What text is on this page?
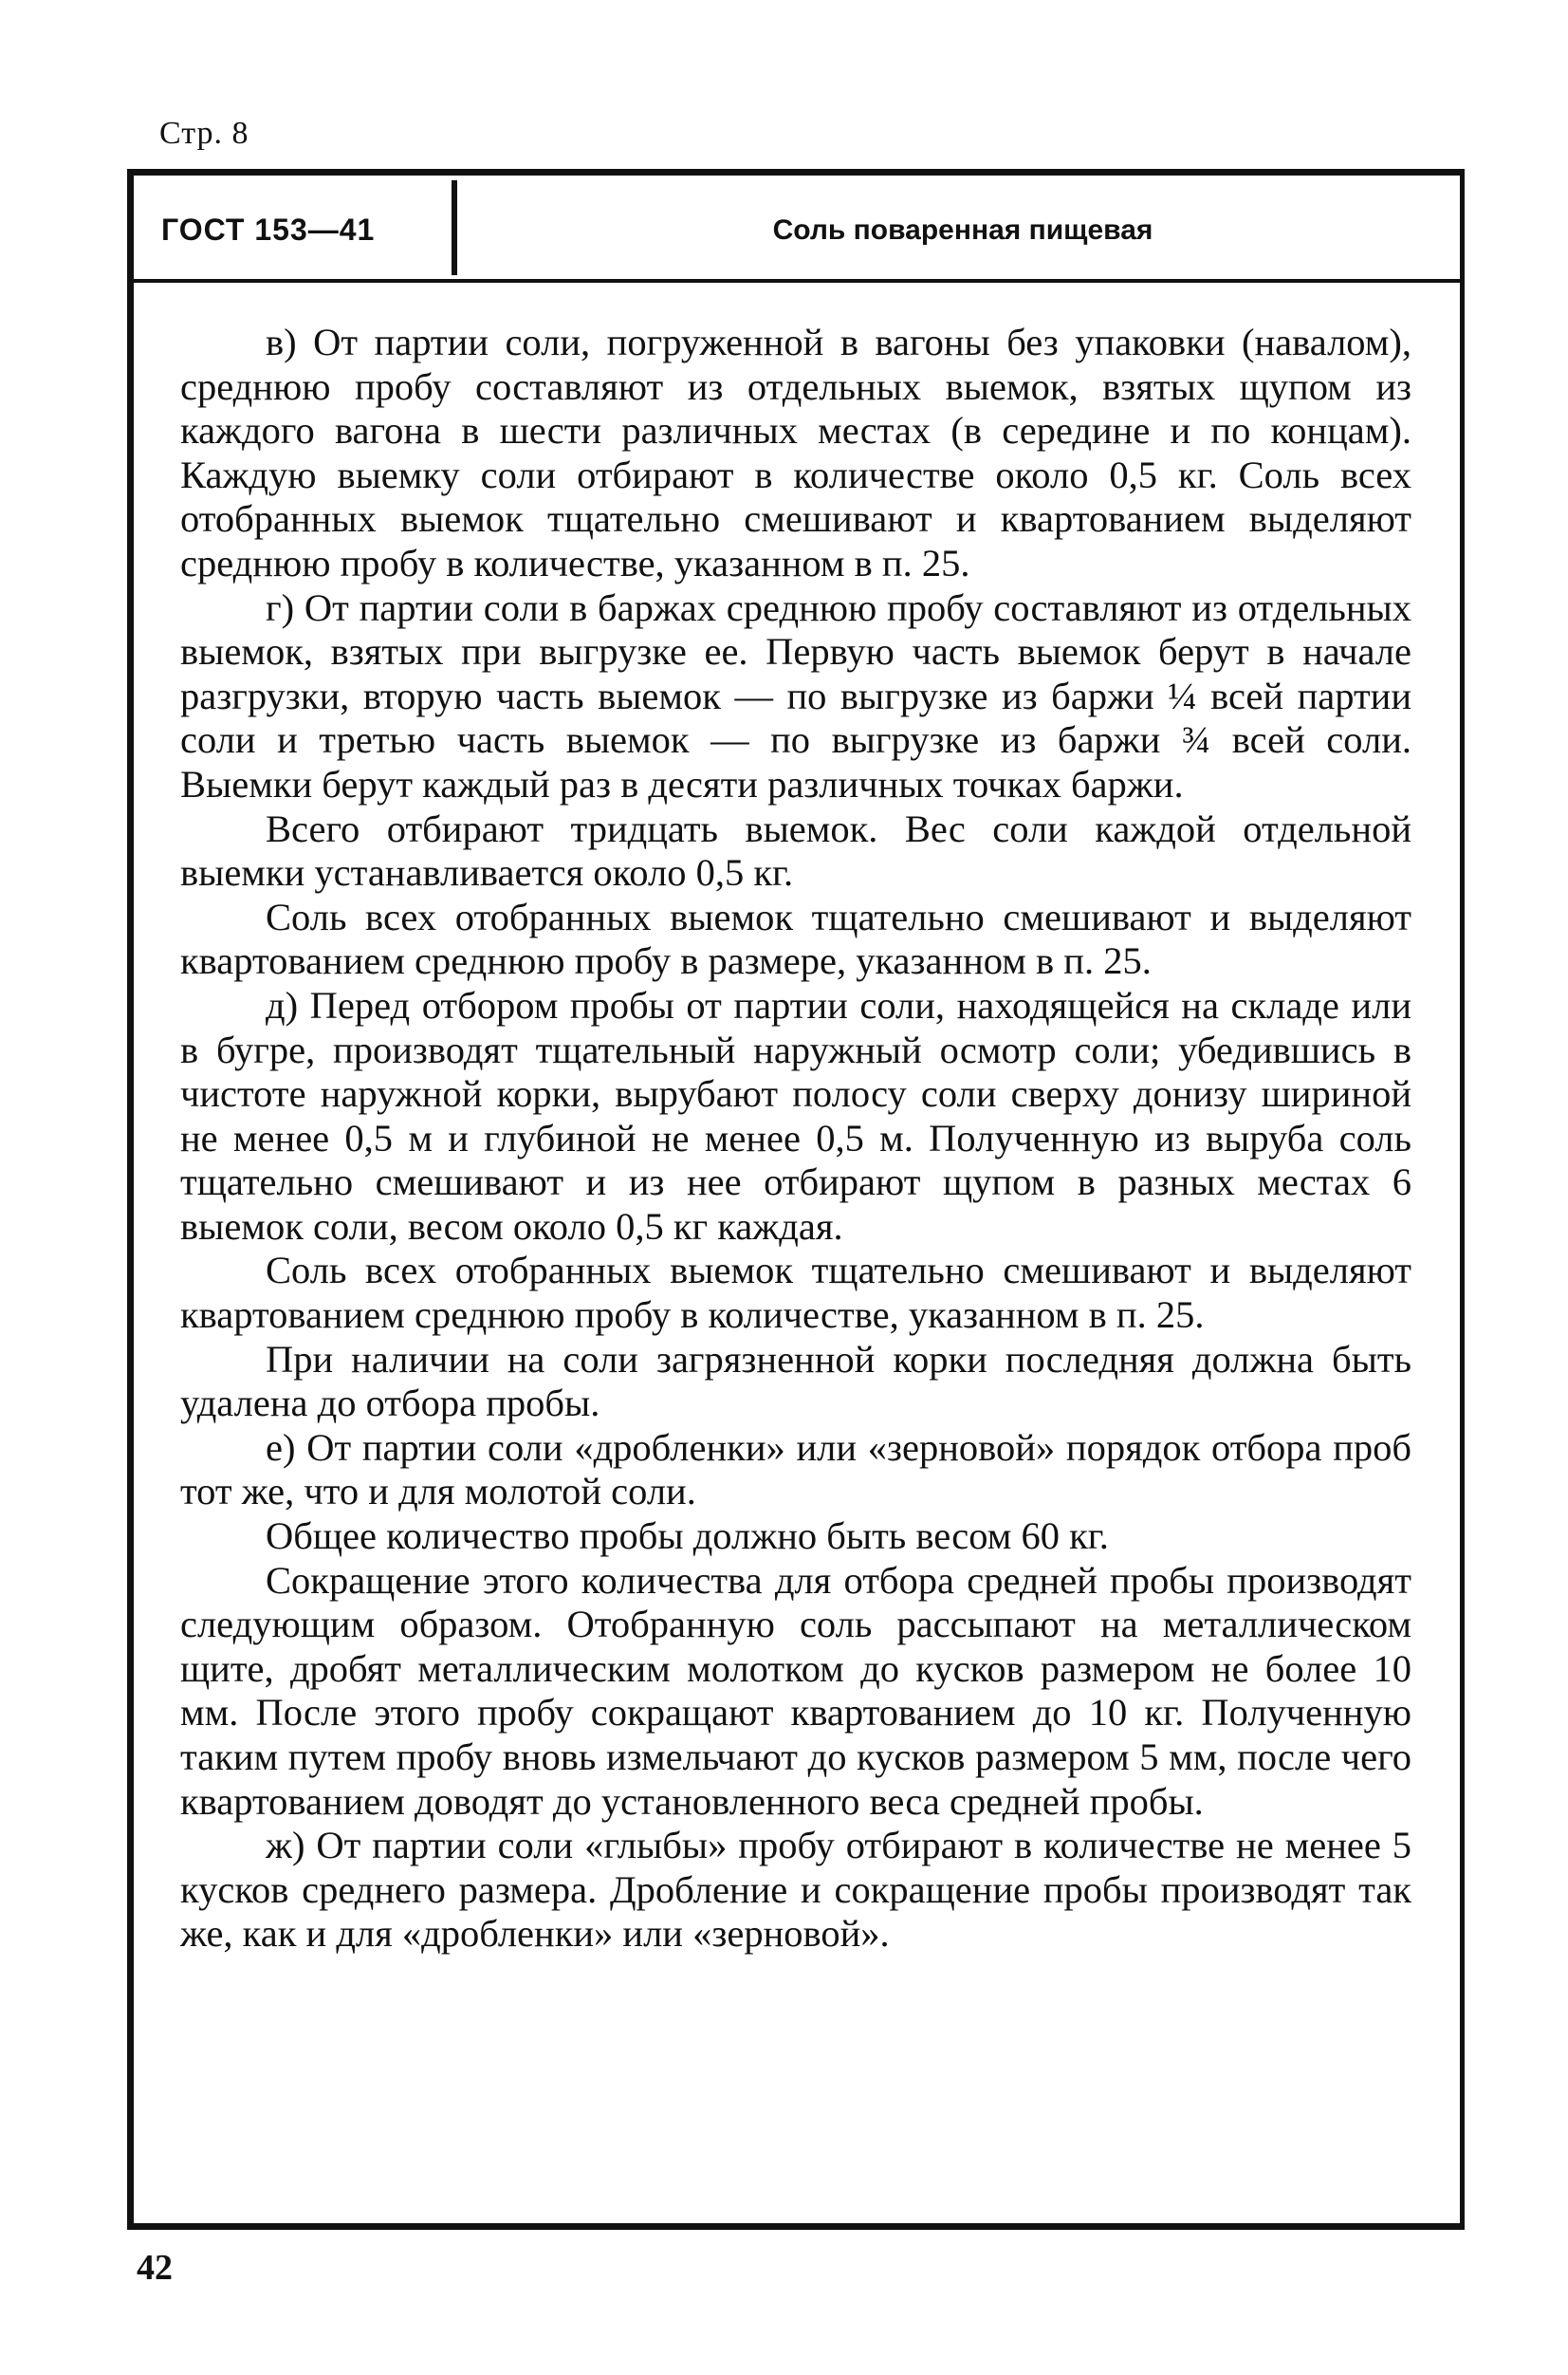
Стр. 8
ГОСТ 153—41	Соль поваренная пищевая

в) От партии соли, погруженной в вагоны без упаковки (навалом), среднюю пробу составляют из отдельных выемок, взятых щупом из каждого вагона в шести различных местах (в середине и по концам). Каждую выемку соли отбирают в количестве около 0,5 кг. Соль всех отобранных выемок тщательно смешивают и квартованием выделяют среднюю пробу в количестве, указанном в п. 25.

г) От партии соли в баржах среднюю пробу составляют из отдельных выемок, взятых при выгрузке ее. Первую часть выемок берут в начале разгрузки, вторую часть выемок — по выгрузке из баржи ¼ всей партии соли и третью часть выемок — по выгрузке из баржи ¾ всей соли. Выемки берут каждый раз в десяти различных точках баржи.

Всего отбирают тридцать выемок. Вес соли каждой отдельной выемки устанавливается около 0,5 кг.

Соль всех отобранных выемок тщательно смешивают и выделяют квартованием среднюю пробу в размере, указанном в п. 25.

д) Перед отбором пробы от партии соли, находящейся на складе или в бугре, производят тщательный наружный осмотр соли; убедившись в чистоте наружной корки, вырубают полосу соли сверху донизу шириной не менее 0,5 м и глубиной не менее 0,5 м. Полученную из выруба соль тщательно смешивают и из нее отбирают щупом в разных местах 6 выемок соли, весом около 0,5 кг каждая.

Соль всех отобранных выемок тщательно смешивают и выделяют квартованием среднюю пробу в количестве, указанном в п. 25.

При наличии на соли загрязненной корки последняя должна быть удалена до отбора пробы.

е) От партии соли «дробленки» или «зерновой» порядок отбора проб тот же, что и для молотой соли.

Общее количество пробы должно быть весом 60 кг.

Сокращение этого количества для отбора средней пробы производят следующим образом. Отобранную соль рассыпают на металлическом щите, дробят металлическим молотком до кусков размером не более 10 мм. После этого пробу сокращают квартованием до 10 кг. Полученную таким путем пробу вновь измельчают до кусков размером 5 мм, после чего квартованием доводят до установленного веса средней пробы.

ж) От партии соли «глыбы» пробу отбирают в количестве не менее 5 кусков среднего размера. Дробление и сокращение пробы производят так же, как и для «дробленки» или «зерновой».

42
